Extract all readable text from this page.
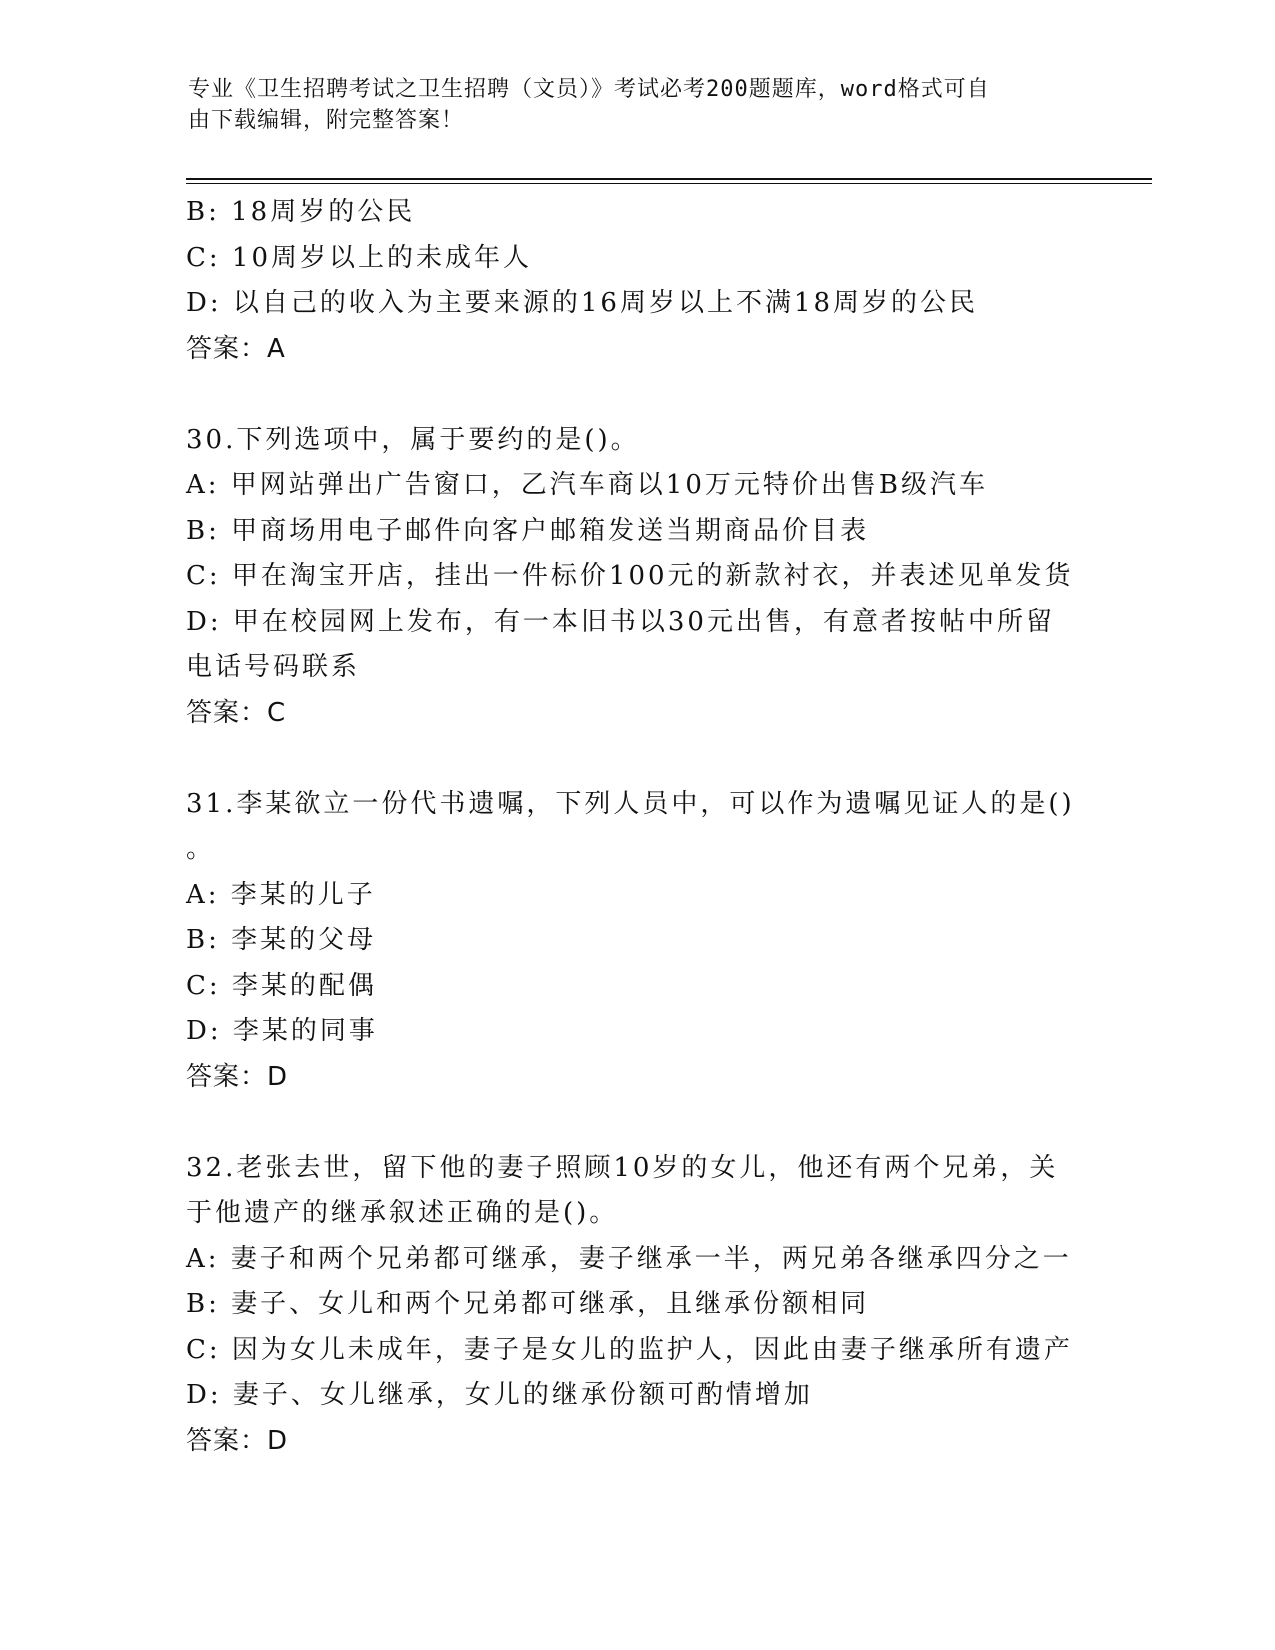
专业《卫生招聘考试之卫生招聘（文员）》考试必考200题题库，word格式可自
由下载编辑，附完整答案！
B: 18周岁的公民
C: 10周岁以上的未成年人
D: 以自己的收入为主要来源的16周岁以上不满18周岁的公民
答案：A
30.下列选项中，属于要约的是()。
A: 甲网站弹出广告窗口，乙汽车商以10万元特价出售B级汽车
B: 甲商场用电子邮件向客户邮箱发送当期商品价目表
C: 甲在淘宝开店，挂出一件标价100元的新款衬衣，并表述见单发货
D: 甲在校园网上发布，有一本旧书以30元出售，有意者按帖中所留
电话号码联系
答案：C
31.李某欲立一份代书遗嘱，下列人员中，可以作为遗嘱见证人的是()
。
A: 李某的儿子
B: 李某的父母
C: 李某的配偶
D: 李某的同事
答案：D
32.老张去世，留下他的妻子照顾10岁的女儿，他还有两个兄弟，关
于他遗产的继承叙述正确的是()。
A: 妻子和两个兄弟都可继承，妻子继承一半，两兄弟各继承四分之一
B: 妻子、女儿和两个兄弟都可继承，且继承份额相同
C: 因为女儿未成年，妻子是女儿的监护人，因此由妻子继承所有遗产
D: 妻子、女儿继承，女儿的继承份额可酌情增加
答案：D
